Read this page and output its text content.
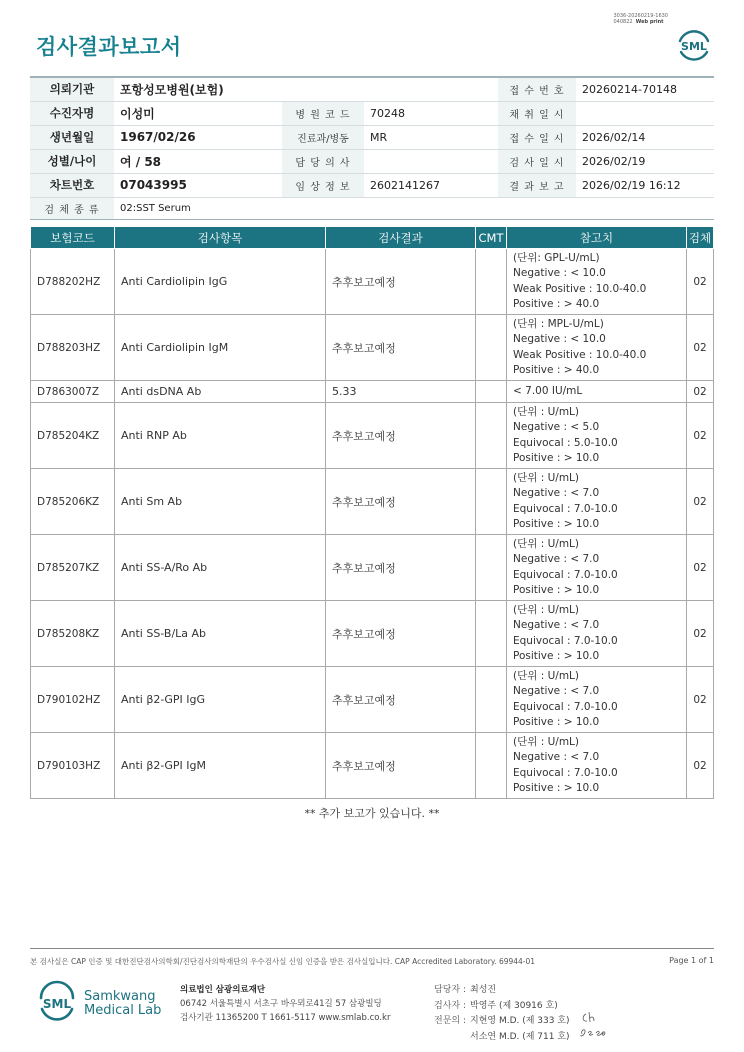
3036-20260219-1630
040822 Web print
검사결과보고서	SML
의뢰기관	포항성모병원(보험)			접 수 번 호	20260214-70148
수진자명	이성미	병 원 코 드	70248	채 취 일 시	
생년월일	1967/02/26	진료과/병동	MR	접 수 일 시	2026/02/14
성별/나이	여 / 58	담 당 의 사		검 사 일 시	2026/02/19
차트번호	07043995	임 상 정 보	2602141267	결 과 보 고	2026/02/19 16:12
검 체 종 류	02:SST Serum				
보험코드	검사항목	검사결과	CMT	참고치	검체
D788202HZ	Anti Cardiolipin IgG	추후보고예정		(단위: GPL-U/mL)
Negative : < 10.0
Weak Positive : 10.0-40.0
Positive : > 40.0	02
D788203HZ	Anti Cardiolipin IgM	추후보고예정		(단위 : MPL-U/mL)
Negative : < 10.0
Weak Positive : 10.0-40.0
Positive : > 40.0	02
D7863007Z	Anti dsDNA Ab	5.33		< 7.00 IU/mL	02
D785204KZ	Anti RNP Ab	추후보고예정		(단위 : U/mL)
Negative : < 5.0
Equivocal : 5.0-10.0
Positive : > 10.0	02
D785206KZ	Anti Sm Ab	추후보고예정		(단위 : U/mL)
Negative : < 7.0
Equivocal : 7.0-10.0
Positive : > 10.0	02
D785207KZ	Anti SS-A/Ro Ab	추후보고예정		(단위 : U/mL)
Negative : < 7.0
Equivocal : 7.0-10.0
Positive : > 10.0	02
D785208KZ	Anti SS-B/La Ab	추후보고예정		(단위 : U/mL)
Negative : < 7.0
Equivocal : 7.0-10.0
Positive : > 10.0	02
D790102HZ	Anti β2-GPI IgG	추후보고예정		(단위 : U/mL)
Negative : < 7.0
Equivocal : 7.0-10.0
Positive : > 10.0	02
D790103HZ	Anti β2-GPI IgM	추후보고예정		(단위 : U/mL)
Negative : < 7.0
Equivocal : 7.0-10.0
Positive : > 10.0	02
** 추가 보고가 있습니다. **
본 검사실은 CAP 인증 및 대한진단검사의학회/진단검사의학재단의 우수검사실 신임 인증을 받은 검사실입니다. CAP Accredited Laboratory. 69944-01	Page 1 of 1
SML Samkwang
Medical Lab
의료법인 삼광의료재단
06742 서울특별시 서초구 바우뫼로41길 57 삼광빌딩
검사기관 11365200 T 1661-5117 www.smlab.co.kr
담당자 : 최성진
검사자 : 박영주 (제 30916 호)
전문의 : 지현영 M.D. (제 333 호)
서소연 M.D. (제 711 호)
